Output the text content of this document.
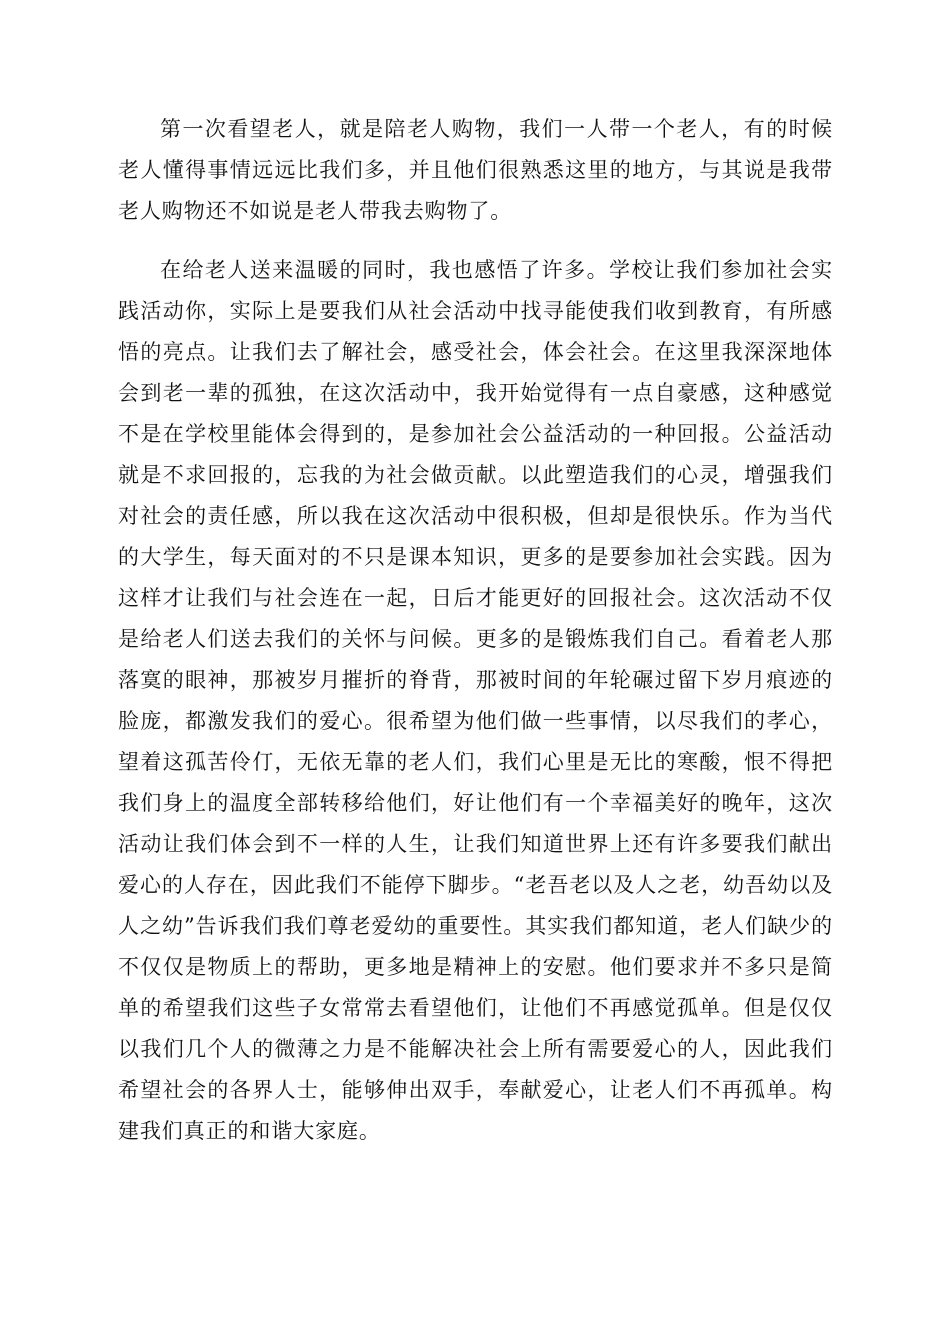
第一次看望老人，就是陪老人购物，我们一人带一个老人，有的时候老人懂得事情远远比我们多，并且他们很熟悉这里的地方，与其说是我带老人购物还不如说是老人带我去购物了。

在给老人送来温暖的同时，我也感悟了许多。学校让我们参加社会实践活动你，实际上是要我们从社会活动中找寻能使我们收到教育，有所感悟的亮点。让我们去了解社会，感受社会，体会社会。在这里我深深地体会到老一辈的孤独，在这次活动中，我开始觉得有一点自豪感，这种感觉不是在学校里能体会得到的，是参加社会公益活动的一种回报。公益活动就是不求回报的，忘我的为社会做贡献。以此塑造我们的心灵，增强我们对社会的责任感，所以我在这次活动中很积极，但却是很快乐。作为当代的大学生，每天面对的不只是课本知识，更多的是要参加社会实践。因为这样才让我们与社会连在一起，日后才能更好的回报社会。这次活动不仅是给老人们送去我们的关怀与问候。更多的是锻炼我们自己。看着老人那落寞的眼神，那被岁月摧折的脊背，那被时间的年轮碾过留下岁月痕迹的脸庞，都激发我们的爱心。很希望为他们做一些事情，以尽我们的孝心，望着这孤苦伶仃，无依无靠的老人们，我们心里是无比的寒酸，恨不得把我们身上的温度全部转移给他们，好让他们有一个幸福美好的晚年，这次活动让我们体会到不一样的人生，让我们知道世界上还有许多要我们献出爱心的人存在，因此我们不能停下脚步。“老吾老以及人之老，幼吾幼以及人之幼”告诉我们我们尊老爱幼的重要性。其实我们都知道，老人们缺少的不仅仅是物质上的帮助，更多地是精神上的安慰。他们要求并不多只是简单的希望我们这些子女常常去看望他们，让他们不再感觉孤单。但是仅仅以我们几个人的微薄之力是不能解决社会上所有需要爱心的人，因此我们希望社会的各界人士，能够伸出双手，奉献爱心，让老人们不再孤单。构建我们真正的和谐大家庭。
